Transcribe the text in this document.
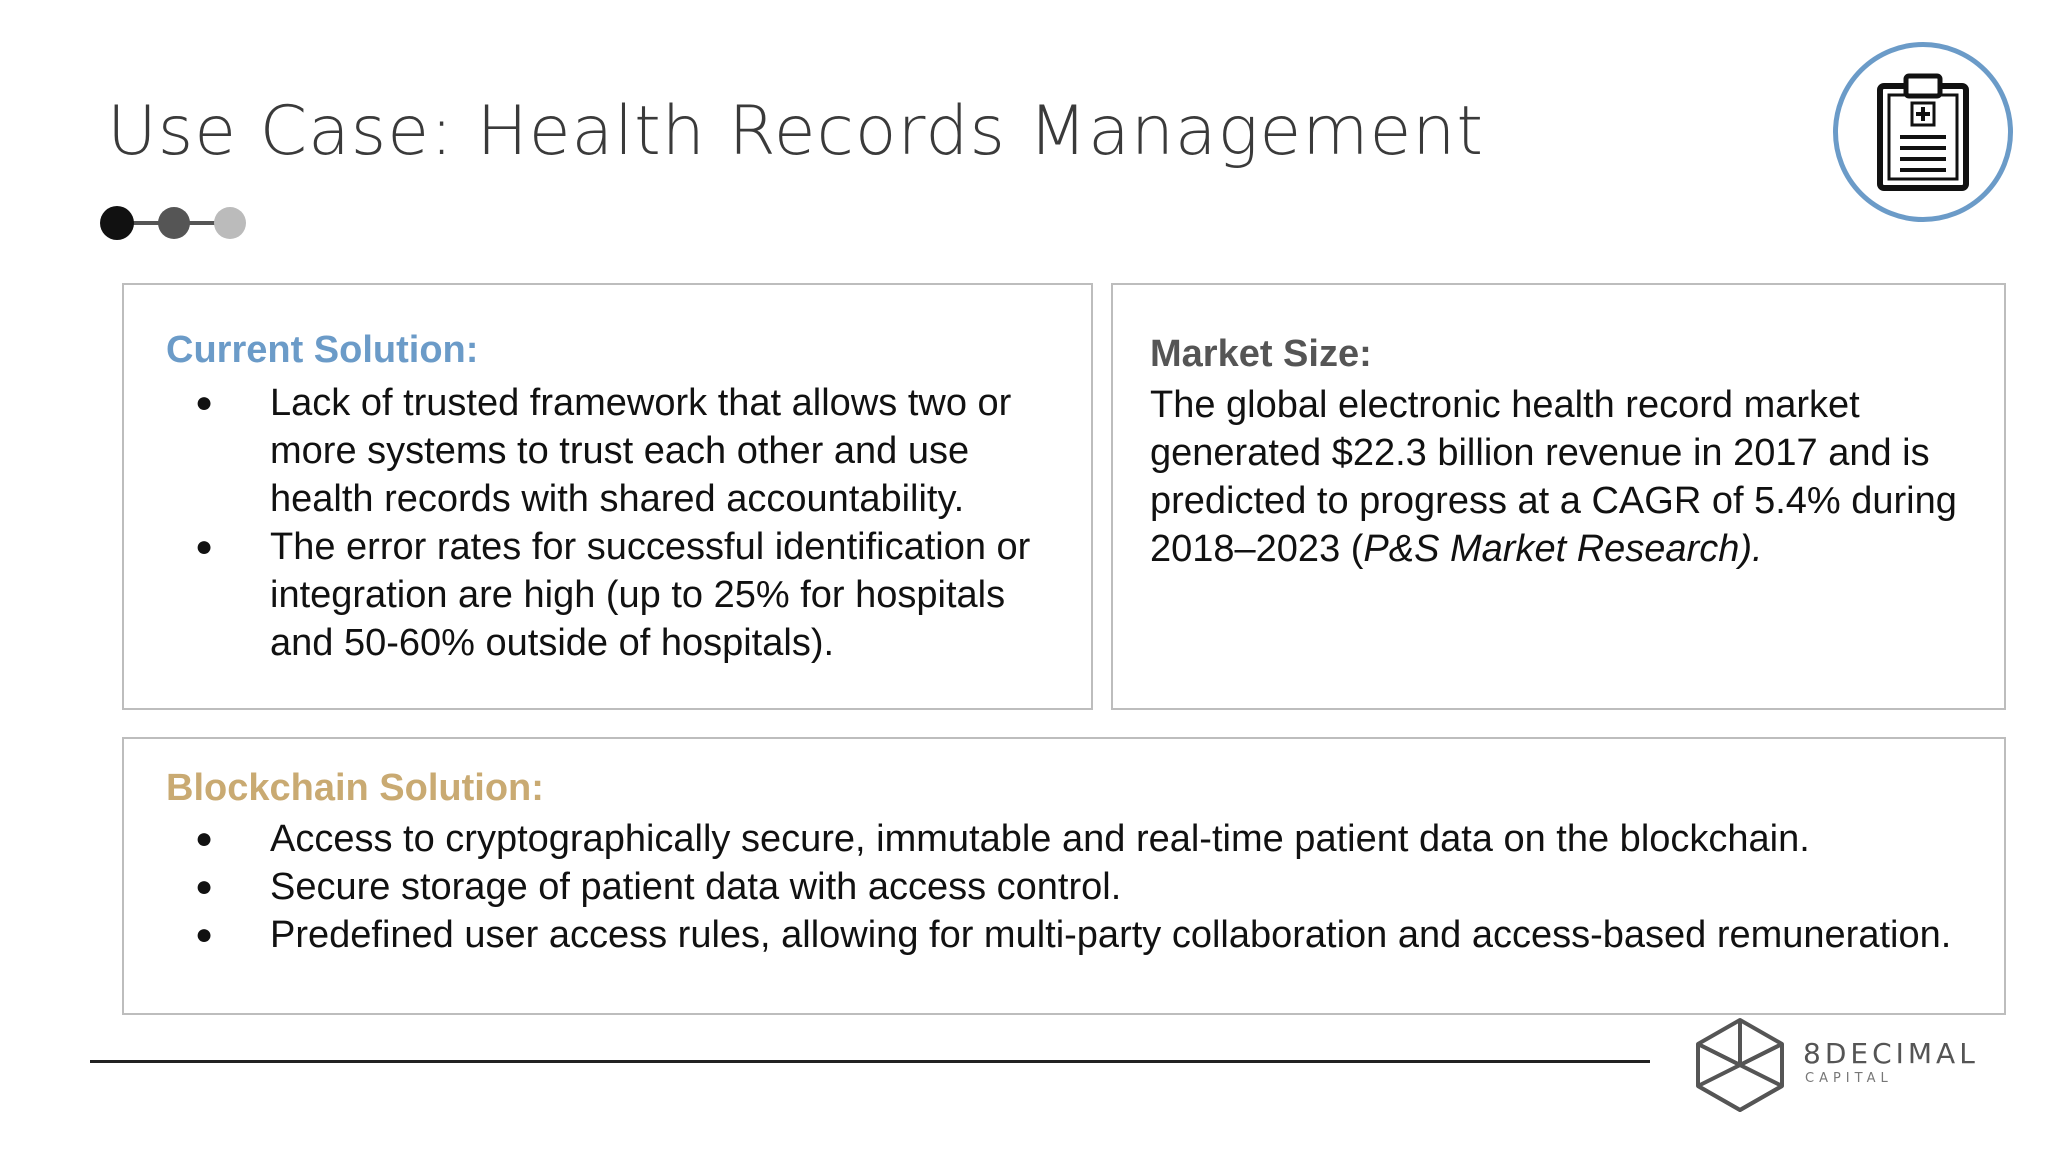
Use Case: Health Records Management
Current Solution:
● Lack of trusted framework that allows two or more systems to trust each other and use health records with shared accountability.
● The error rates for successful identification or integration are high (up to 25% for hospitals and 50-60% outside of hospitals).
Market Size:
The global electronic health record market generated $22.3 billion revenue in 2017 and is predicted to progress at a CAGR of 5.4% during 2018–2023 (P&S Market Research).
Blockchain Solution:
● Access to cryptographically secure, immutable and real-time patient data on the blockchain.
● Secure storage of patient data with access control.
● Predefined user access rules, allowing for multi-party collaboration and access-based remuneration.
8DECIMAL
CAPITAL
